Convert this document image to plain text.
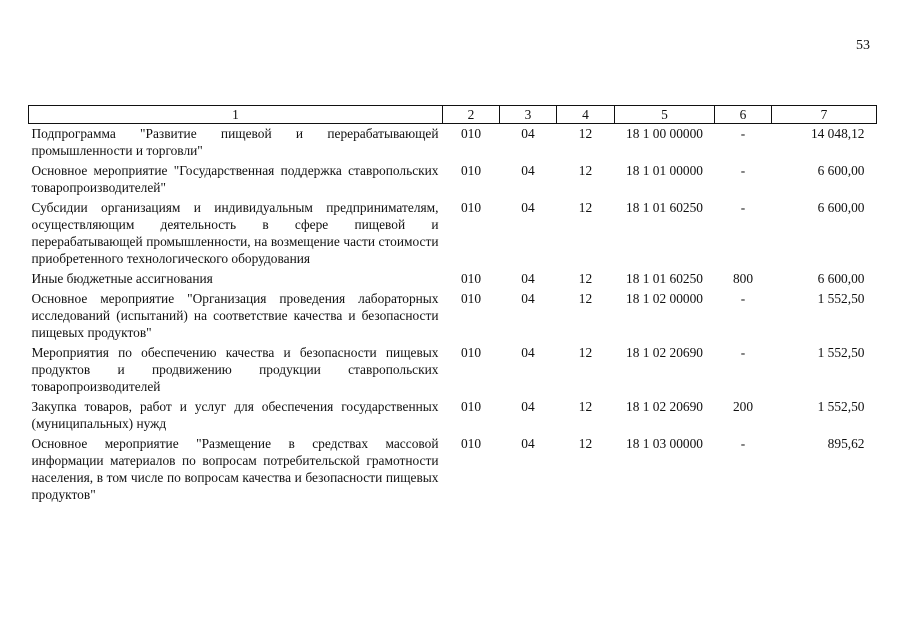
53
1	2	3	4	5	6	7
Подпрограмма "Развитие пищевой и перерабатывающей промышленности и торговли"	010	04	12	18 1 00 00000	-	14 048,12
Основное мероприятие "Государственная поддержка ставропольских товаропроизводителей"	010	04	12	18 1 01 00000	-	6 600,00
Субсидии организациям и индивидуальным предпринимателям, осуществляющим деятельность в сфере пищевой и перерабатывающей промышленности, на возмещение части стоимости приобретенного технологического оборудования	010	04	12	18 1 01 60250	-	6 600,00
Иные бюджетные ассигнования	010	04	12	18 1 01 60250	800	6 600,00
Основное мероприятие "Организация проведения лабораторных исследований (испытаний) на соответствие качества и безопасности пищевых продуктов"	010	04	12	18 1 02 00000	-	1 552,50
Мероприятия по обеспечению качества и безопасности пищевых продуктов и продвижению продукции ставропольских товаропроизводителей	010	04	12	18 1 02 20690	-	1 552,50
Закупка товаров, работ и услуг для обеспечения государственных (муниципальных) нужд	010	04	12	18 1 02 20690	200	1 552,50
Основное мероприятие "Размещение в средствах массовой информации материалов по вопросам потребительской грамотности населения, в том числе по вопросам качества и безопасности пищевых продуктов"	010	04	12	18 1 03 00000	-	895,62
